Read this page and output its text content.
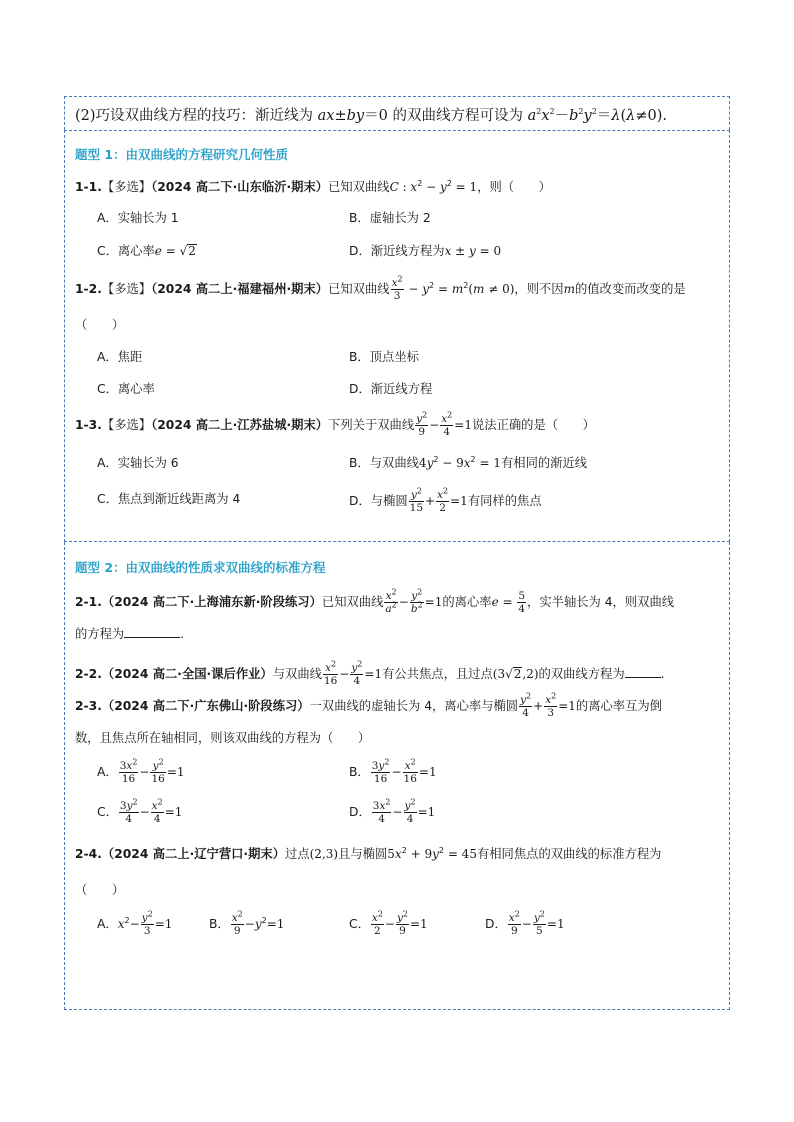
(2)巧设双曲线方程的技巧：渐近线为 ax±by＝0 的双曲线方程可设为 $a^2x^2-b^2y^2=\lambda(\lambda\ne 0)$.
题型 1：由双曲线的方程研究几何性质
1-1.【多选】（2024 高二下·山东临沂·期末）已知双曲线C : $x^2 - y^2 = 1$，则（　　）
A．实轴长为 1	B．虚轴长为 2
C．离心率e = √2	D．渐近线方程为x ± y = 0
1-2.【多选】（2024 高二上·福建福州·期末）已知双曲线 $\frac{x^2}{3} - y^2 = m^2(m \ne 0)$，则不因m的值改变而改变的是
（　　）
A．焦距	B．顶点坐标
C．离心率	D．渐近线方程
1-3.【多选】（2024 高二上·江苏盐城·期末）下列关于双曲线 $\frac{y^2}{9} - \frac{x^2}{4} =1$说法正确的是（　　）
A．实轴长为 6	B．与双曲线$4y^2 - 9x^2 = 1$有相同的渐近线
C．焦点到渐近线距离为 4	D．与椭圆 $\frac{y^2}{15} + \frac{x^2}{2} =1$有同样的焦点
题型 2：由双曲线的性质求双曲线的标准方程
2-1.（2024 高二下·上海浦东新·阶段练习）已知双曲线 $\frac{x^2}{a^2} - \frac{y^2}{b^2} =1$的离心率$e = \frac{5}{4}$ ，实半轴长为 4，则双曲线
的方程为	.
2-2.（2024 高二·全国·课后作业）与双曲线 $\frac{x^2}{16} - \frac{y^2}{4} =1$有公共焦点，且过点(3√2,2)的双曲线方程为	.
2-3.（2024 高二下·广东佛山·阶段练习）一双曲线的虚轴长为 4，离心率与椭圆 $\frac{y^2}{4} + \frac{x^2}{3} =1$的离心率互为倒
数，且焦点所在轴相同，则该双曲线的方程为（　　）
A． $\frac{3x^2}{16} - \frac{y^2}{16} =1$	B． $\frac{3y^2}{16} - \frac{x^2}{16} =1$
C． $\frac{3y^2}{4} - \frac{x^2}{4} =1$	D． $\frac{3x^2}{4} - \frac{y^2}{4} =1$
2-4.（2024 高二上·辽宁营口·期末）过点(2,3)且与椭圆$5x^2 + 9y^2 = 45$有相同焦点的双曲线的标准方程为
（　　）
A．$x^2- \frac{y^2}{3} =1$	B． $\frac{x^2}{9} -y^2=1$	C． $\frac{x^2}{2} - \frac{y^2}{9} =1$	D． $\frac{x^2}{9} - \frac{y^2}{5} =1$
